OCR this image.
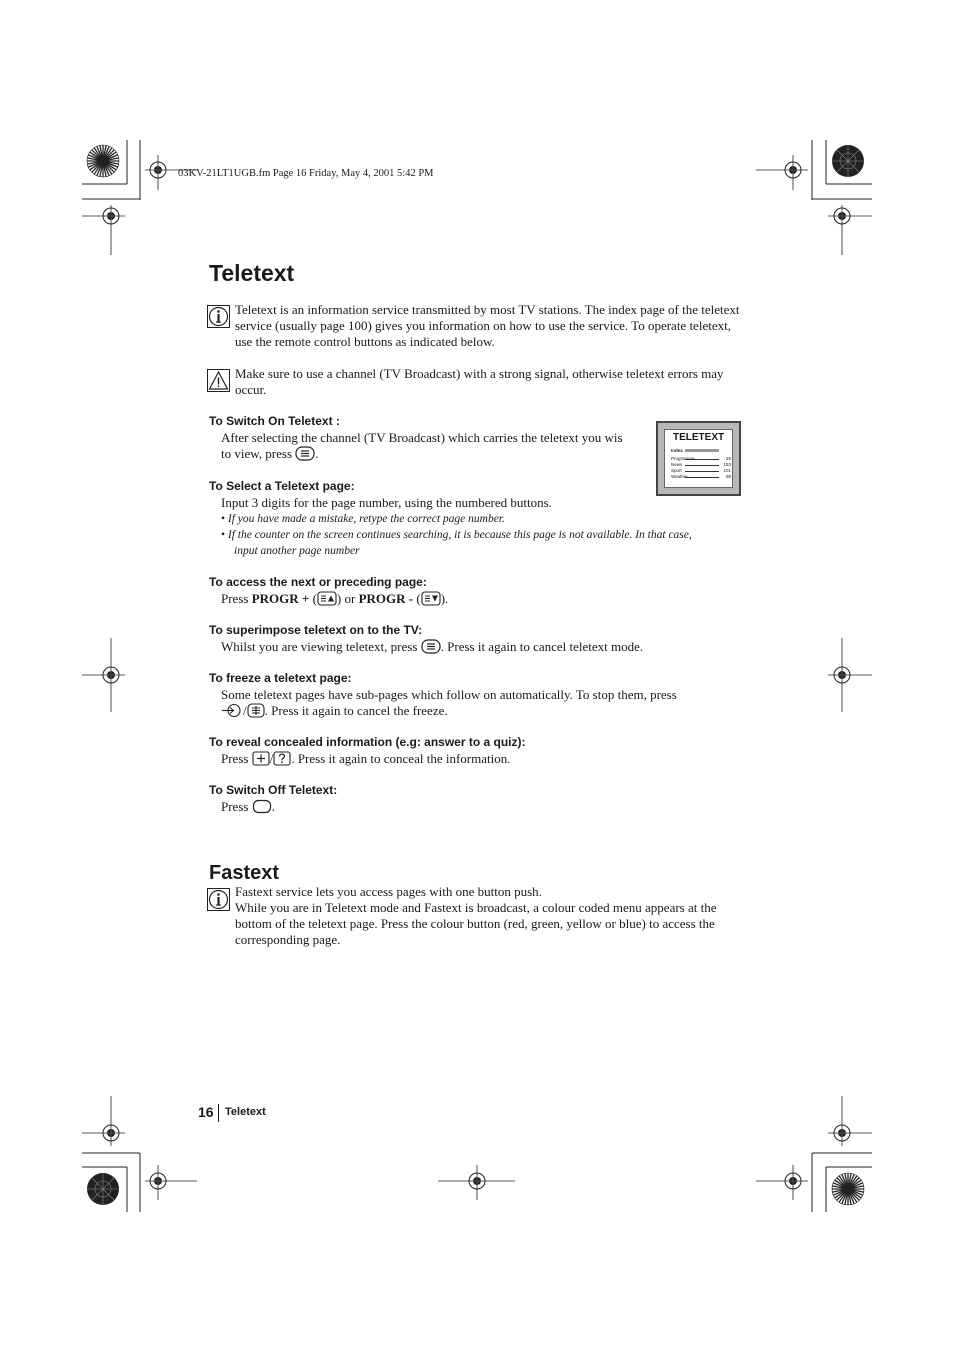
03KV-21LT1UGB.fm Page 16 Friday, May 4, 2001 5:42 PM
Teletext
Teletext is an information service transmitted by most TV stations. The index page of the teletext service (usually page 100) gives you information on how to use the service. To operate teletext, use the remote control buttons as indicated below.
Make sure to use a channel (TV Broadcast) with a strong signal, otherwise teletext errors may occur.
To Switch On Teletext :
After selecting the channel (TV Broadcast) which carries the teletext you wis
to view, press .
TELETEXT
Index
Programme	25
News	153
Sport	101
Weather	98
To Select a Teletext page:
Input 3 digits for the page number, using the numbered buttons.
• If you have made a mistake, retype the correct page number.
• If the counter on the screen continues searching, it is because this page is not available. In that case,
input another page number
To access the next or preceding page:
Press PROGR + ( ) or PROGR - ( ).
To superimpose teletext on to the TV:
Whilst you are viewing teletext, press . Press it again to cancel teletext mode.
To freeze a teletext page:
Some teletext pages have sub-pages which follow on automatically. To stop them, press
/ . Press it again to cancel the freeze.
To reveal concealed information (e.g: answer to a quiz):
Press / . Press it again to conceal the information.
To Switch Off Teletext:
Press .
Fastext
Fastext service lets you access pages with one button push.
While you are in Teletext mode and Fastext is broadcast, a colour coded menu appears at the bottom of the teletext page. Press the colour button (red, green, yellow or blue) to access the corresponding page.
16 Teletext
